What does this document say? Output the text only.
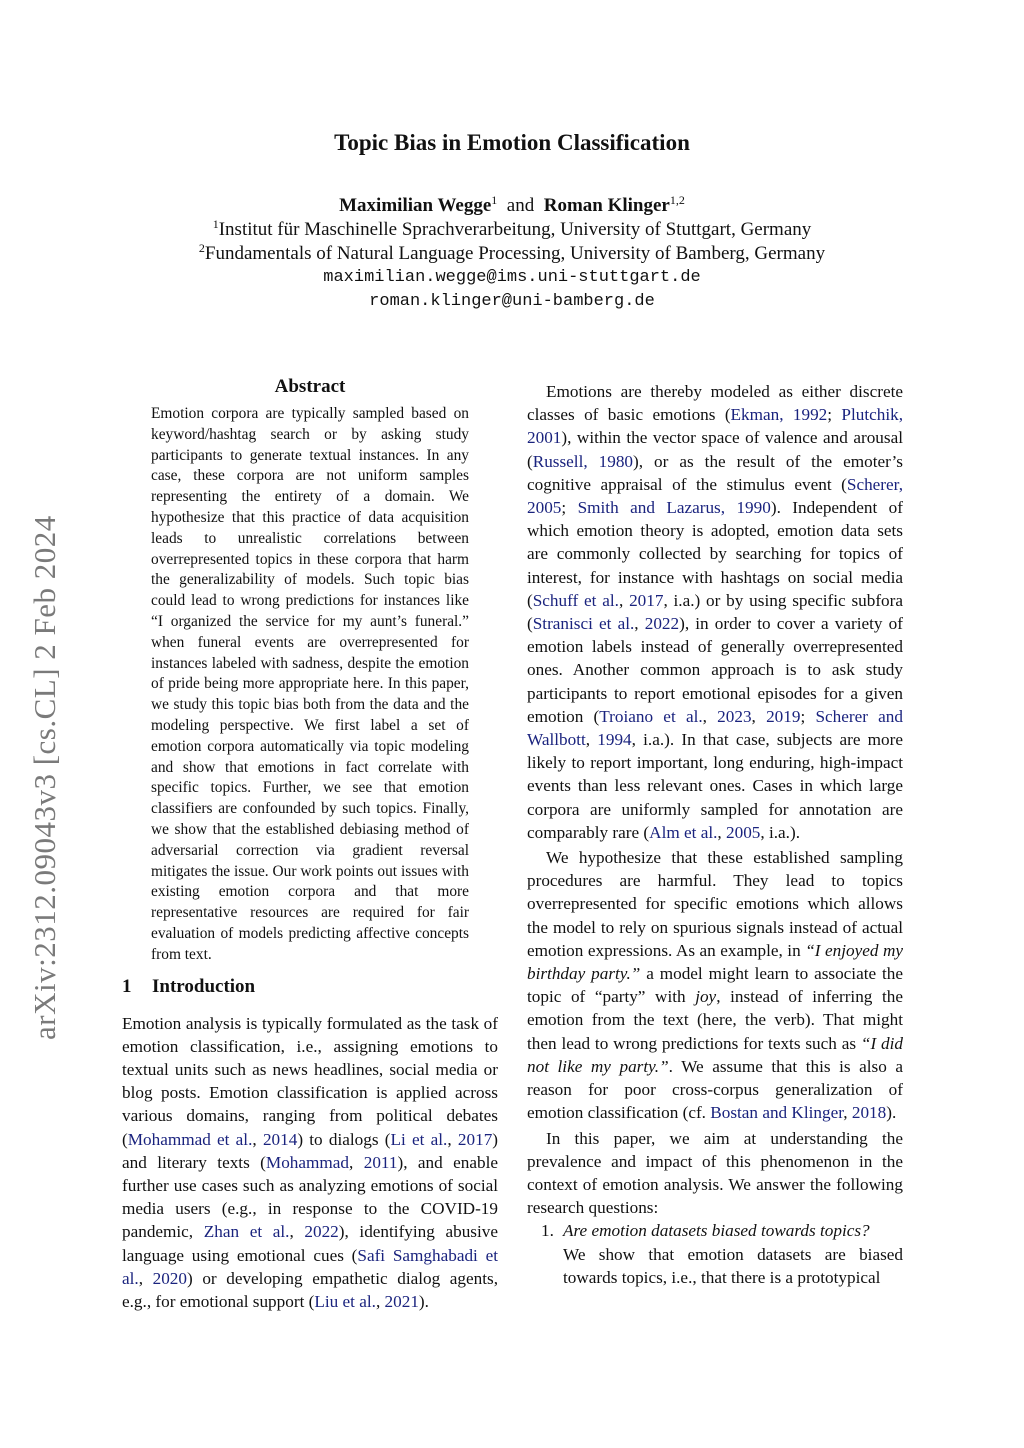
arXiv:2312.09043v3 [cs.CL] 2 Feb 2024
Topic Bias in Emotion Classification
Maximilian Wegge$^1$ and Roman Klinger$^{1,2}$
$^1$Institut für Maschinelle Sprachverarbeitung, University of Stuttgart, Germany
$^2$Fundamentals of Natural Language Processing, University of Bamberg, Germany
maximilian.wegge@ims.uni-stuttgart.de
roman.klinger@uni-bamberg.de
Abstract

Emotion corpora are typically sampled based on keyword/hashtag search or by asking study participants to generate textual instances. In any case, these corpora are not uniform samples representing the entirety of a domain. We hypothesize that this practice of data acquisition leads to unrealistic correlations between overrepresented topics in these corpora that harm the generalizability of models. Such topic bias could lead to wrong predictions for instances like “I organized the service for my aunt’s funeral.” when funeral events are overrepresented for instances labeled with sadness, despite the emotion of pride being more appropriate here. In this paper, we study this topic bias both from the data and the modeling perspective. We first label a set of emotion corpora automatically via topic modeling and show that emotions in fact correlate with specific topics. Further, we see that emotion classifiers are confounded by such topics. Finally, we show that the established debiasing method of adversarial correction via gradient reversal mitigates the issue. Our work points out issues with existing emotion corpora and that more representative resources are required for fair evaluation of models predicting affective concepts from text.

1 Introduction

Emotion analysis is typically formulated as the task of emotion classification, i.e., assigning emotions to textual units such as news headlines, social media or blog posts. Emotion classification is applied across various domains, ranging from political debates (Mohammad et al., 2014) to dialogs (Li et al., 2017) and literary texts (Mohammad, 2011), and enable further use cases such as analyzing emotions of social media users (e.g., in response to the COVID-19 pandemic, Zhan et al., 2022), identifying abusive language using emotional cues (Safi Samghabadi et al., 2020) or developing empathetic dialog agents, e.g., for emotional support (Liu et al., 2021).

Emotions are thereby modeled as either discrete classes of basic emotions (Ekman, 1992; Plutchik, 2001), within the vector space of valence and arousal (Russell, 1980), or as the result of the emoter’s cognitive appraisal of the stimulus event (Scherer, 2005; Smith and Lazarus, 1990). Independent of which emotion theory is adopted, emotion data sets are commonly collected by searching for topics of interest, for instance with hashtags on social media (Schuff et al., 2017, i.a.) or by using specific subfora (Stranisci et al., 2022), in order to cover a variety of emotion labels instead of generally overrepresented ones. Another common approach is to ask study participants to report emotional episodes for a given emotion (Troiano et al., 2023, 2019; Scherer and Wallbott, 1994, i.a.). In that case, subjects are more likely to report important, long enduring, high-impact events than less relevant ones. Cases in which large corpora are uniformly sampled for annotation are comparably rare (Alm et al., 2005, i.a.).

We hypothesize that these established sampling procedures are harmful. They lead to topics overrepresented for specific emotions which allows the model to rely on spurious signals instead of actual emotion expressions. As an example, in “I enjoyed my birthday party.” a model might learn to associate the topic of “party” with joy, instead of inferring the emotion from the text (here, the verb). That might then lead to wrong predictions for texts such as “I did not like my party.”. We assume that this is also a reason for poor cross-corpus generalization of emotion classification (cf. Bostan and Klinger, 2018).

In this paper, we aim at understanding the prevalence and impact of this phenomenon in the context of emotion analysis. We answer the following research questions:

1. Are emotion datasets biased towards topics?
We show that emotion datasets are biased towards topics, i.e., that there is a prototypical
